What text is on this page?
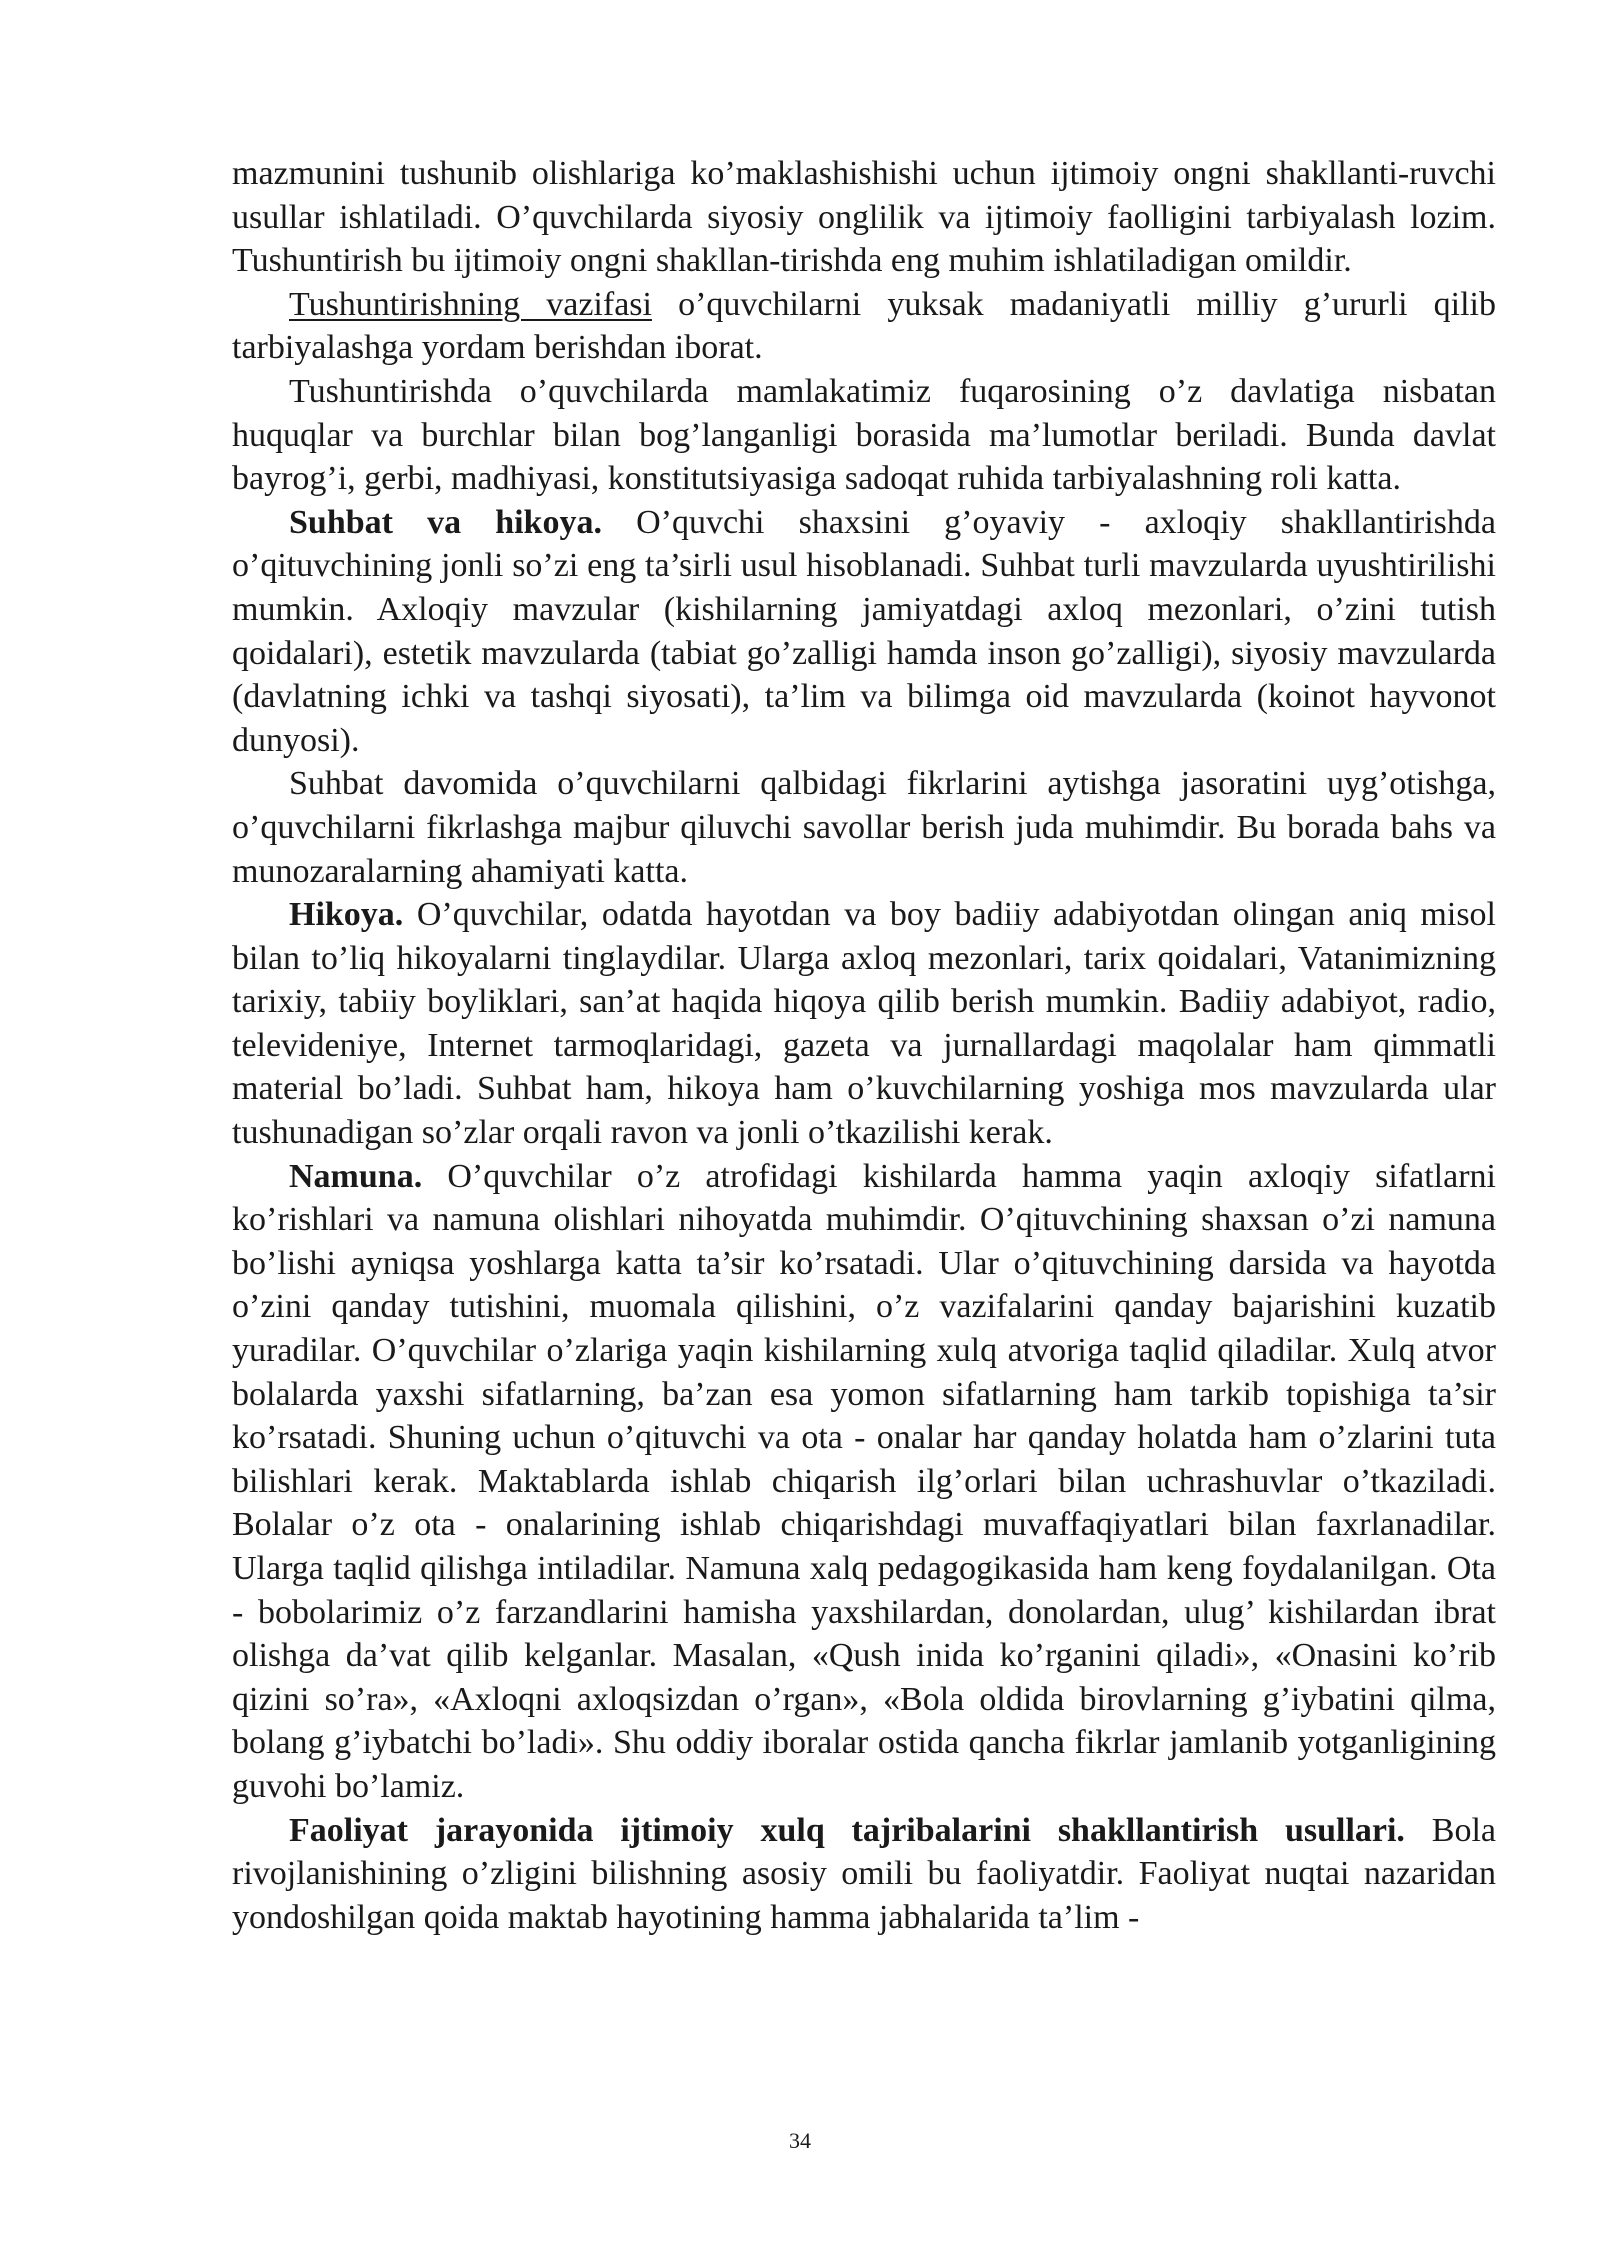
mazmunini tushunib olishlariga ko’maklashishishi uchun ijtimoiy ongni shakllanti-ruvchi usullar ishlatiladi. O’quvchilarda siyosiy onglilik va ijtimoiy faolligini tarbiyalash lozim. Tushuntirish bu ijtimoiy ongni shakllan-tirishda eng muhim ishlatiladigan omildir.

Tushuntirishning vazifasi o’quvchilarni yuksak madaniyatli milliy g’ururli qilib tarbiyalashga yordam berishdan iborat.

Tushuntirishda o’quvchilarda mamlakatimiz fuqarosining o’z davlatiga nisbatan huquqlar va burchlar bilan bog’langanligi borasida ma’lumotlar beriladi. Bunda davlat bayrog’i, gerbi, madhiyasi, konstitutsiyasiga sadoqat ruhida tarbiyalashning roli katta.

Suhbat va hikoya. O’quvchi shaxsini g’oyaviy - axloqiy shakllantirishda o’qituvchining jonli so’zi eng ta’sirli usul hisoblanadi. Suhbat turli mavzularda uyushtirilishi mumkin. Axloqiy mavzular (kishilarning jamiyatdagi axloq mezonlari, o’zini tutish qoidalari), estetik mavzularda (tabiat go’zalligi hamda inson go’zalligi), siyosiy mavzularda (davlatning ichki va tashqi siyosati), ta’lim va bilimga oid mavzularda (koinot hayvonot dunyosi).

Suhbat davomida o’quvchilarni qalbidagi fikrlarini aytishga jasoratini uyg’otishga, o’quvchilarni fikrlashga majbur qiluvchi savollar berish juda muhimdir. Bu borada bahs va munozaralarning ahamiyati katta.

Hikoya. O’quvchilar, odatda hayotdan va boy badiiy adabiyotdan olingan aniq misol bilan to’liq hikoyalarni tinglaydilar. Ularga axloq mezonlari, tarix qoidalari, Vatanimizning tarixiy, tabiiy boyliklari, san’at haqida hiqoya qilib berish mumkin. Badiiy adabiyot, radio, televideniye, Internet tarmoqlaridagi, gazeta va jurnallardagi maqolalar ham qimmatli material bo’ladi. Suhbat ham, hikoya ham o’kuvchilarning yoshiga mos mavzularda ular tushunadigan so’zlar orqali ravon va jonli o’tkazilishi kerak.

Namuna. O’quvchilar o’z atrofidagi kishilarda hamma yaqin axloqiy sifatlarni ko’rishlari va namuna olishlari nihoyatda muhimdir. O’qituvchining shaxsan o’zi namuna bo’lishi ayniqsa yoshlarga katta ta’sir ko’rsatadi. Ular o’qituvchining darsida va hayotda o’zini qanday tutishini, muomala qilishini, o’z vazifalarini qanday bajarishini kuzatib yuradilar. O’quvchilar o’zlariga yaqin kishilarning xulq atvoriga taqlid qiladilar. Xulq atvor bolalarda yaxshi sifatlarning, ba’zan esa yomon sifatlarning ham tarkib topishiga ta’sir ko’rsatadi. Shuning uchun o’qituvchi va ota - onalar har qanday holatda ham o’zlarini tuta bilishlari kerak. Maktablarda ishlab chiqarish ilg’orlari bilan uchrashuvlar o’tkaziladi. Bolalar o’z ota - onalarining ishlab chiqarishdagi muvaffaqiyatlari bilan faxrlanadilar. Ularga taqlid qilishga intiladilar. Namuna xalq pedagogikasida ham keng foydalanilgan. Ota - bobolarimiz o’z farzandlarini hamisha yaxshilardan, donolardan, ulug’ kishilardan ibrat olishga da’vat qilib kelganlar. Masalan, «Qush inida ko’rganini qiladi», «Onasini ko’rib qizini so’ra», «Axloqni axloqsizdan o’rgan», «Bola oldida birovlarning g’iybatini qilma, bolang g’iybatchi bo’ladi». Shu oddiy iboralar ostida qancha fikrlar jamlanib yotganligining guvohi bo’lamiz.

Faoliyat jarayonida ijtimoiy xulq tajribalarini shakllantirish usullari. Bola rivojlanishining o’zligini bilishning asosiy omili bu faoliyatdir. Faoliyat nuqtai nazaridan yondoshilgan qoida maktab hayotining hamma jabhalarida ta’lim -

34
